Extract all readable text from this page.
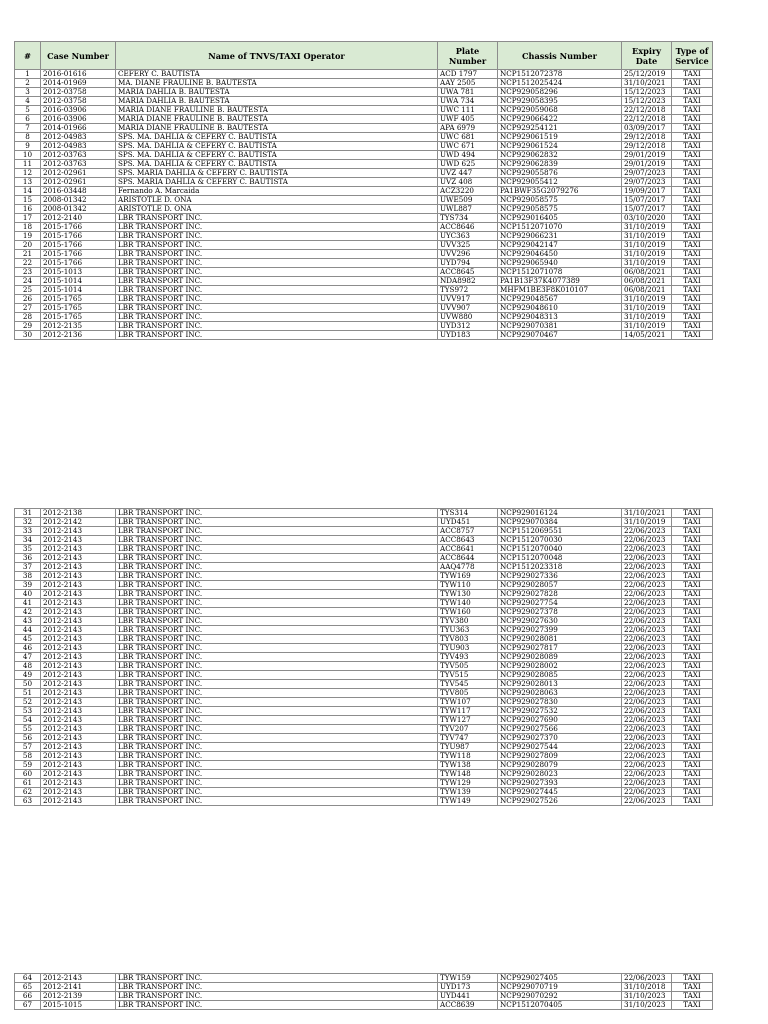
#	Case Number	Name of TNVS/TAXI Operator	Plate Number	Chassis Number	Expiry Date	Type of Service
1	2016-01616	CEFERY C. BAUTISTA	ACD 1797	NCP1512072378	25/12/2019	TAXI
2	2014-01969	MA. DIANE FRAULINE B. BAUTESTA	AAY 2505	NCP1512025424	31/10/2021	TAXI
3	2012-03758	MARIA DAHLIA B. BAUTESTA	UWA 781	NCP929058296	15/12/2023	TAXI
4	2012-03758	MARIA DAHLIA B. BAUTESTA	UWA 734	NCP929058395	15/12/2023	TAXI
5	2016-03906	MARIA DIANE FRAULINE B. BAUTESTA	UWC 111	NCP929059068	22/12/2018	TAXI
6	2016-03906	MARIA DIANE FRAULINE B. BAUTESTA	UWF 405	NCP929066422	22/12/2018	TAXI
7	2014-01966	MARIA DIANE FRAULINE B. BAUTESTA	APA 6979	NCP929254121	03/09/2017	TAXI
8	2012-04983	SPS. MA. DAHLIA & CEFERY C. BAUTISTA	UWC 681	NCP929061519	29/12/2018	TAXI
9	2012-04983	SPS. MA. DAHLIA & CEFERY C. BAUTISTA	UWC 671	NCP929061524	29/12/2018	TAXI
10	2012-03763	SPS. MA. DAHLIA & CEFERY C. BAUTISTA	UWD 494	NCP929062832	29/01/2019	TAXI
11	2012-03763	SPS. MA. DAHLIA & CEFERY C. BAUTISTA	UWD 625	NCP929062839	29/01/2019	TAXI
12	2012-02961	SPS. MARIA DAHLIA & CEFERY C. BAUTISTA	UVZ 447	NCP929055876	29/07/2023	TAXI
13	2012-02961	SPS. MARIA DAHLIA & CEFERY C. BAUTISTA	UVZ 408	NCP929055412	29/07/2023	TAXI
14	2016-03448	Fernando A. Marcaida	ACZ3220	PA1BWF35G2079276	19/09/2017	TAXI
15	2008-01342	ARISTOTLE D. ONA	UWE509	NCP929058575	15/07/2017	TAXI
16	2008-01342	ARISTOTLE D. ONA	UWL887	NCP929058575	15/07/2017	TAXI
17	2012-2140	LBR TRANSPORT INC.	TYS734	NCP929016405	03/10/2020	TAXI
18	2015-1766	LBR TRANSPORT INC.	ACC8646	NCP1512071070	31/10/2019	TAXI
19	2015-1766	LBR TRANSPORT INC.	UYC363	NCP929066231	31/10/2019	TAXI
20	2015-1766	LBR TRANSPORT INC.	UVV325	NCP929042147	31/10/2019	TAXI
21	2015-1766	LBR TRANSPORT INC.	UVV296	NCP929046450	31/10/2019	TAXI
22	2015-1766	LBR TRANSPORT INC.	UYD794	NCP929065940	31/10/2019	TAXI
23	2015-1013	LBR TRANSPORT INC.	ACC8645	NCP1512071078	06/08/2021	TAXI
24	2015-1014	LBR TRANSPORT INC.	NDA8982	PA1B13F37K4077389	06/08/2021	TAXI
25	2015-1014	LBR TRANSPORT INC.	TYS972	MHFM1BE3F8K010107	06/08/2021	TAXI
26	2015-1765	LBR TRANSPORT INC.	UVV917	NCP929048567	31/10/2019	TAXI
27	2015-1765	LBR TRANSPORT INC.	UVV907	NCP929048610	31/10/2019	TAXI
28	2015-1765	LBR TRANSPORT INC.	UVW880	NCP929048313	31/10/2019	TAXI
29	2012-2135	LBR TRANSPORT INC.	UYD312	NCP929070381	31/10/2019	TAXI
30	2012-2136	LBR TRANSPORT INC.	UYD183	NCP929070467	14/05/2021	TAXI
31	2012-2138	LBR TRANSPORT INC.	TYS314	NCP929016124	31/10/2021	TAXI
32	2012-2142	LBR TRANSPORT INC.	UYD451	NCP929070384	31/10/2019	TAXI
33	2012-2143	LBR TRANSPORT INC.	ACC8757	NCP1512069551	22/06/2023	TAXI
34	2012-2143	LBR TRANSPORT INC.	ACC8643	NCP1512070030	22/06/2023	TAXI
35	2012-2143	LBR TRANSPORT INC.	ACC8641	NCP1512070040	22/06/2023	TAXI
36	2012-2143	LBR TRANSPORT INC.	ACC8644	NCP1512070048	22/06/2023	TAXI
37	2012-2143	LBR TRANSPORT INC.	AAQ4778	NCP1512023318	22/06/2023	TAXI
38	2012-2143	LBR TRANSPORT INC.	TYW169	NCP929027336	22/06/2023	TAXI
39	2012-2143	LBR TRANSPORT INC.	TYW110	NCP929028057	22/06/2023	TAXI
40	2012-2143	LBR TRANSPORT INC.	TYW130	NCP929027828	22/06/2023	TAXI
41	2012-2143	LBR TRANSPORT INC.	TYW140	NCP929027754	22/06/2023	TAXI
42	2012-2143	LBR TRANSPORT INC.	TYW160	NCP929027378	22/06/2023	TAXI
43	2012-2143	LBR TRANSPORT INC.	TYV380	NCP929027630	22/06/2023	TAXI
44	2012-2143	LBR TRANSPORT INC.	TYU363	NCP929027399	22/06/2023	TAXI
45	2012-2143	LBR TRANSPORT INC.	TYV803	NCP929028081	22/06/2023	TAXI
46	2012-2143	LBR TRANSPORT INC.	TYU903	NCP929027817	22/06/2023	TAXI
47	2012-2143	LBR TRANSPORT INC.	TYV493	NCP929028089	22/06/2023	TAXI
48	2012-2143	LBR TRANSPORT INC.	TYV505	NCP929028002	22/06/2023	TAXI
49	2012-2143	LBR TRANSPORT INC.	TYV515	NCP929028085	22/06/2023	TAXI
50	2012-2143	LBR TRANSPORT INC.	TYV545	NCP929028013	22/06/2023	TAXI
51	2012-2143	LBR TRANSPORT INC.	TYV805	NCP929028063	22/06/2023	TAXI
52	2012-2143	LBR TRANSPORT INC.	TYW107	NCP929027830	22/06/2023	TAXI
53	2012-2143	LBR TRANSPORT INC.	TYW117	NCP929027532	22/06/2023	TAXI
54	2012-2143	LBR TRANSPORT INC.	TYW127	NCP929027690	22/06/2023	TAXI
55	2012-2143	LBR TRANSPORT INC.	TYV207	NCP929027566	22/06/2023	TAXI
56	2012-2143	LBR TRANSPORT INC.	TYV747	NCP929027370	22/06/2023	TAXI
57	2012-2143	LBR TRANSPORT INC.	TYU987	NCP929027544	22/06/2023	TAXI
58	2012-2143	LBR TRANSPORT INC.	TYW118	NCP929027809	22/06/2023	TAXI
59	2012-2143	LBR TRANSPORT INC.	TYW138	NCP929028079	22/06/2023	TAXI
60	2012-2143	LBR TRANSPORT INC.	TYW148	NCP929028023	22/06/2023	TAXI
61	2012-2143	LBR TRANSPORT INC.	TYW129	NCP929027393	22/06/2023	TAXI
62	2012-2143	LBR TRANSPORT INC.	TYW139	NCP929027445	22/06/2023	TAXI
63	2012-2143	LBR TRANSPORT INC.	TYW149	NCP929027526	22/06/2023	TAXI
64	2012-2143	LBR TRANSPORT INC.	TYW159	NCP929027405	22/06/2023	TAXI
65	2012-2141	LBR TRANSPORT INC.	UYD173	NCP929070719	31/10/2018	TAXI
66	2012-2139	LBR TRANSPORT INC.	UYD441	NCP929070292	31/10/2023	TAXI
67	2015-1015	LBR TRANSPORT INC.	ACC8639	NCP1512070405	31/10/2023	TAXI
